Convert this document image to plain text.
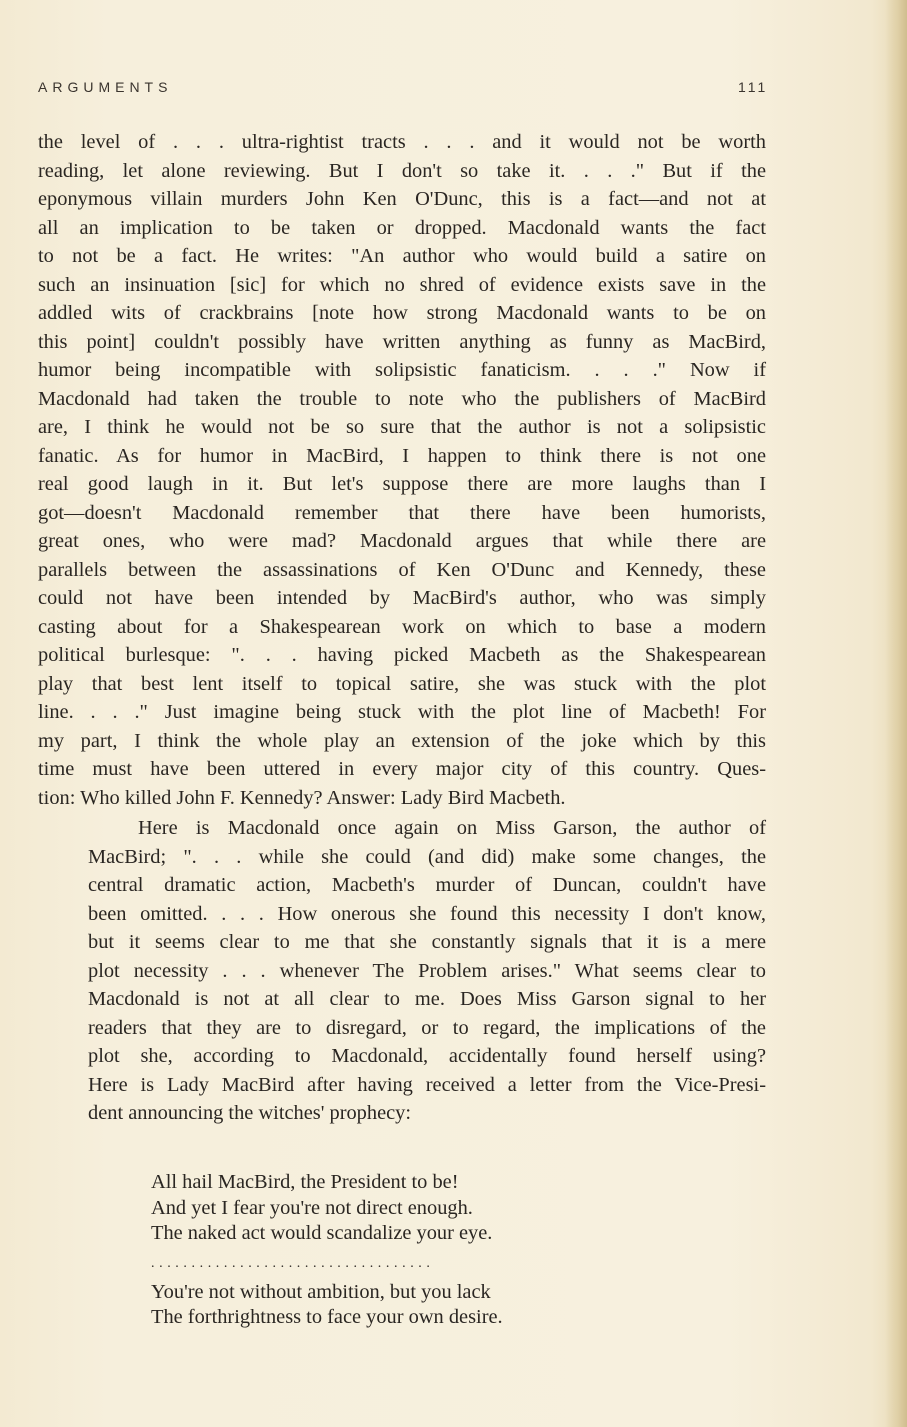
ARGUMENTS	111
the level of . . . ultra-rightist tracts . . . and it would not be worth
reading, let alone reviewing. But I don't so take it. . . ." But if the
eponymous villain murders John Ken O'Dunc, this is a fact—and not at
all an implication to be taken or dropped. Macdonald wants the fact
to not be a fact. He writes: "An author who would build a satire on
such an insinuation [sic] for which no shred of evidence exists save in the
addled wits of crackbrains [note how strong Macdonald wants to be on
this point] couldn't possibly have written anything as funny as MacBird,
humor being incompatible with solipsistic fanaticism. . . ." Now if
Macdonald had taken the trouble to note who the publishers of MacBird
are, I think he would not be so sure that the author is not a solipsistic
fanatic. As for humor in MacBird, I happen to think there is not one
real good laugh in it. But let's suppose there are more laughs than I
got—doesn't Macdonald remember that there have been humorists,
great ones, who were mad? Macdonald argues that while there are
parallels between the assassinations of Ken O'Dunc and Kennedy, these
could not have been intended by MacBird's author, who was simply
casting about for a Shakespearean work on which to base a modern
political burlesque: ". . . having picked Macbeth as the Shakespearean
play that best lent itself to topical satire, she was stuck with the plot
line. . . ." Just imagine being stuck with the plot line of Macbeth! For
my part, I think the whole play an extension of the joke which by this
time must have been uttered in every major city of this country. Ques-
tion: Who killed John F. Kennedy? Answer: Lady Bird Macbeth.
Here is Macdonald once again on Miss Garson, the author of
MacBird; ". . . while she could (and did) make some changes, the
central dramatic action, Macbeth's murder of Duncan, couldn't have
been omitted. . . . How onerous she found this necessity I don't know,
but it seems clear to me that she constantly signals that it is a mere
plot necessity . . . whenever The Problem arises." What seems clear to
Macdonald is not at all clear to me. Does Miss Garson signal to her
readers that they are to disregard, or to regard, the implications of the
plot she, according to Macdonald, accidentally found herself using?
Here is Lady MacBird after having received a letter from the Vice-Presi-
dent announcing the witches' prophecy:
All hail MacBird, the President to be!
And yet I fear you're not direct enough.
The naked act would scandalize your eye.
...................................
You're not without ambition, but you lack
The forthrightness to face your own desire.
